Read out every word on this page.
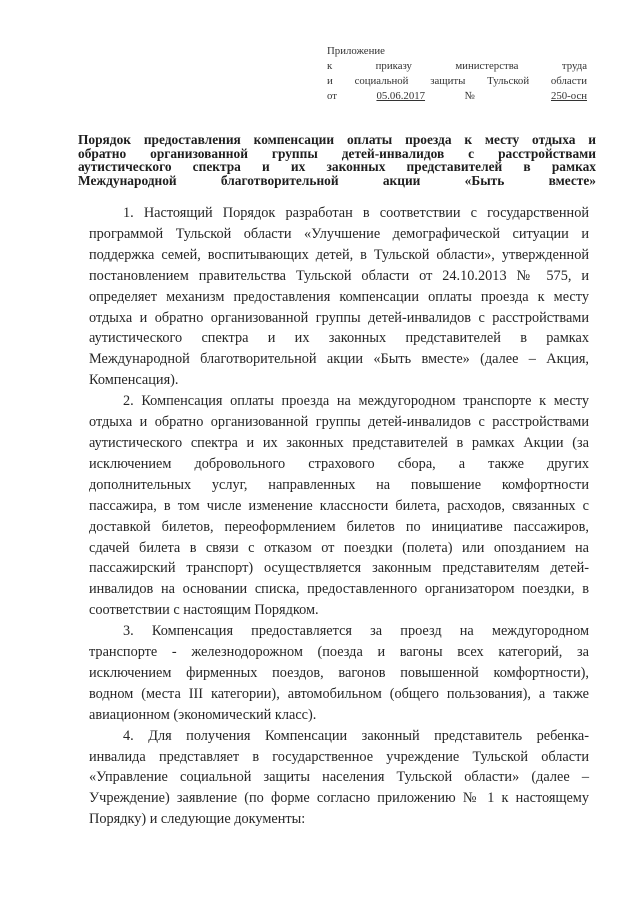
Приложение
к приказу министерства труда
и социальной защиты Тульской области
от	05.06.2017	№	250-осн
Порядок предоставления компенсации оплаты проезда к месту отдыха и
обратно организованной группы детей-инвалидов с расстройствами
аутистического спектра и их законных представителей в рамках
Международной благотворительной акции «Быть вместе»
1. Настоящий Порядок разработан в соответствии с государственной
программой Тульской области «Улучшение демографической ситуации и
поддержка семей, воспитывающих детей, в Тульской области», утвержденной
постановлением правительства Тульской области от 24.10.2013 № 575, и
определяет механизм предоставления компенсации оплаты проезда к месту
отдыха и обратно организованной группы детей-инвалидов с расстройствами
аутистического спектра и их законных представителей в рамках
Международной благотворительной акции «Быть вместе» (далее – Акция,
Компенсация).
2. Компенсация оплаты проезда на междугородном транспорте к месту
отдыха и обратно организованной группы детей-инвалидов с расстройствами
аутистического спектра и их законных представителей в рамках Акции (за
исключением добровольного страхового сбора, а также других
дополнительных услуг, направленных на повышение комфортности
пассажира, в том числе изменение классности билета, расходов, связанных с
доставкой билетов, переоформлением билетов по инициативе пассажиров,
сдачей билета в связи с отказом от поездки (полета) или опозданием на
пассажирский транспорт) осуществляется законным представителям детей-
инвалидов на основании списка, предоставленного организатором поездки, в
соответствии с настоящим Порядком.
3. Компенсация предоставляется за проезд на междугородном
транспорте - железнодорожном (поезда и вагоны всех категорий, за
исключением фирменных поездов, вагонов повышенной комфортности),
водном (места III категории), автомобильном (общего пользования), а также
авиационном (экономический класс).
4. Для получения Компенсации законный представитель ребенка-
инвалида представляет в государственное учреждение Тульской области
«Управление социальной защиты населения Тульской области» (далее –
Учреждение) заявление (по форме согласно приложению № 1 к настоящему
Порядку) и следующие документы:
